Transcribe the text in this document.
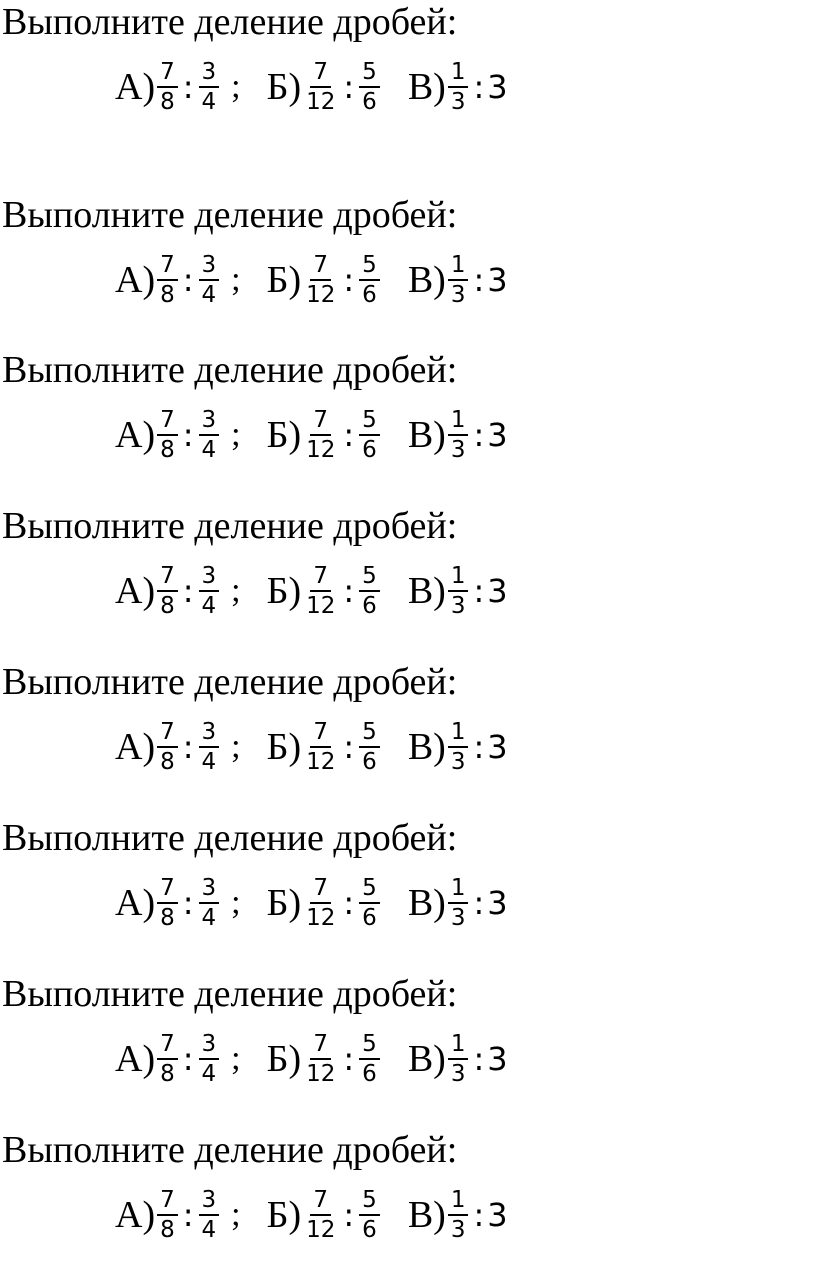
Выполните деление дробей:
$А) \frac{7}{8}$ : $\frac{3}{4}$ ; $Б) \frac{7}{12}$ : $\frac{5}{6} В) \frac{1}{3}$ : 3
Выполните деление дробей:
$А) \frac{7}{8}$ : $\frac{3}{4}$ ; $Б) \frac{7}{12}$ : $\frac{5}{6} В) \frac{1}{3}$ : 3
Выполните деление дробей:
$А) \frac{7}{8}$ : $\frac{3}{4}$ ; $Б) \frac{7}{12}$ : $\frac{5}{6} В) \frac{1}{3}$ : 3
Выполните деление дробей:
$А) \frac{7}{8}$ : $\frac{3}{4}$ ; $Б) \frac{7}{12}$ : $\frac{5}{6} В) \frac{1}{3}$ : 3
Выполните деление дробей:
$А) \frac{7}{8}$ : $\frac{3}{4}$ ; $Б) \frac{7}{12}$ : $\frac{5}{6} В) \frac{1}{3}$ : 3
Выполните деление дробей:
$А) \frac{7}{8}$ : $\frac{3}{4}$ ; $Б) \frac{7}{12}$ : $\frac{5}{6} В) \frac{1}{3}$ : 3
Выполните деление дробей:
$А) \frac{7}{8}$ : $\frac{3}{4}$ ; $Б) \frac{7}{12}$ : $\frac{5}{6} В) \frac{1}{3}$ : 3
Выполните деление дробей:
$А) \frac{7}{8}$ : $\frac{3}{4}$ ; $Б) \frac{7}{12}$ : $\frac{5}{6} В) \frac{1}{3}$ : 3
